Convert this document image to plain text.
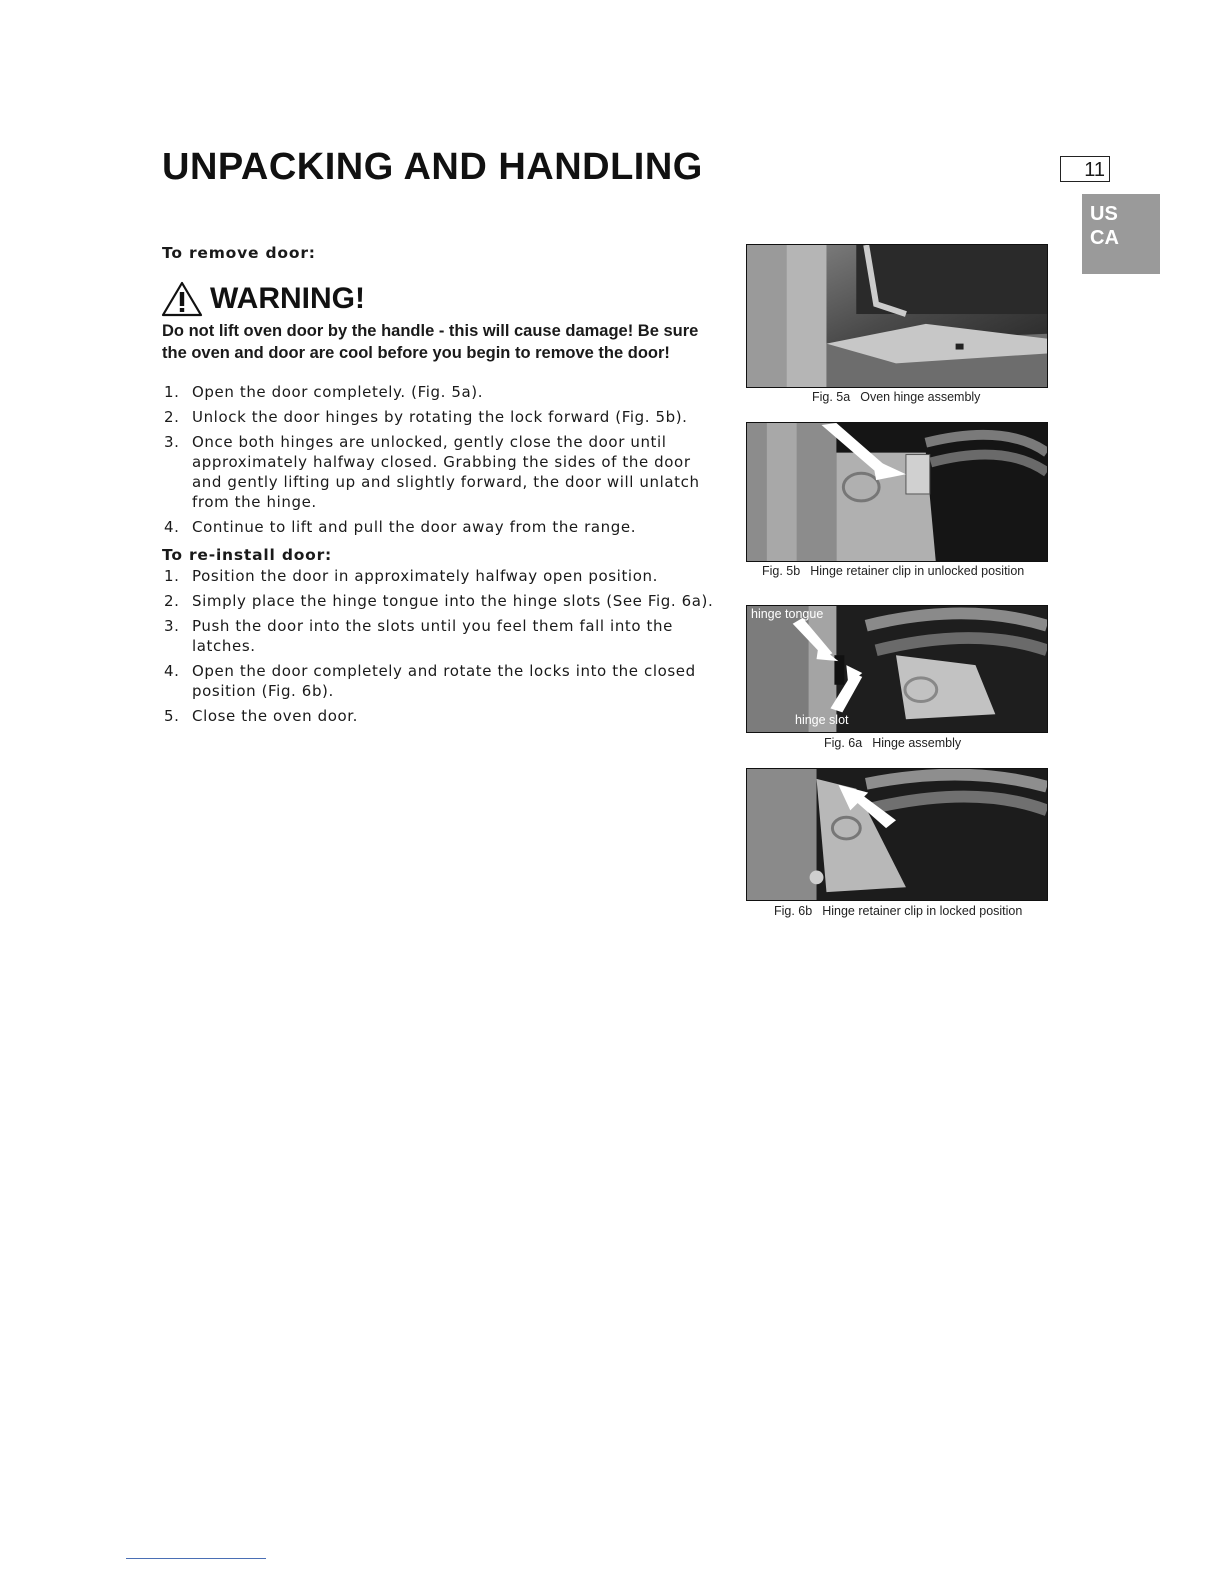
UNPACKING AND HANDLING	11
US
CA
To remove door:
WARNING!
Do not lift oven door by the handle - this will cause damage! Be sure the oven and door are cool before you begin to remove the door!
1. Open the door completely. (Fig. 5a).
2. Unlock the door hinges by rotating the lock forward (Fig. 5b).
3. Once both hinges are unlocked, gently close the door until approximately halfway closed. Grabbing the sides of the door and gently lifting up and slightly forward, the door will unlatch from the hinge.
4. Continue to lift and pull the door away from the range.
To re-install door:
1. Position the door in approximately halfway open position.
2. Simply place the hinge tongue into the hinge slots (See Fig. 6a).
3. Push the door into the slots until you feel them fall into the latches.
4. Open the door completely and rotate the locks into the closed position (Fig. 6b).
5. Close the oven door.
Fig. 5a Oven hinge assembly
Fig. 5b Hinge retainer clip in unlocked position
hinge tongue
hinge slot
Fig. 6a Hinge assembly
Fig. 6b Hinge retainer clip in locked position
